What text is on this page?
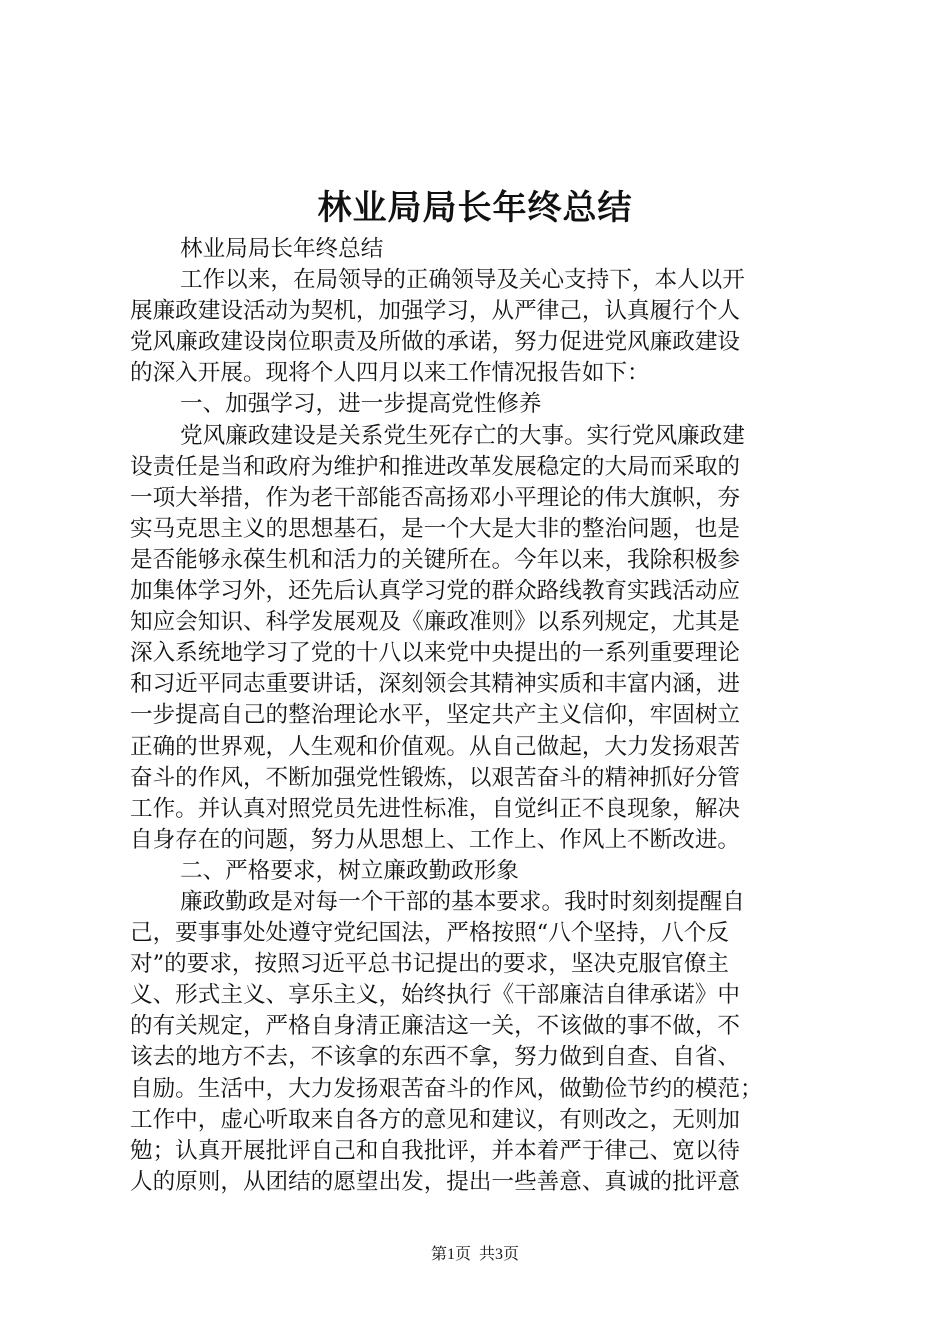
林业局局长年终总结
林业局局长年终总结
工作以来，在局领导的正确领导及关心支持下，本人以开
展廉政建设活动为契机，加强学习，从严律己，认真履行个人
党风廉政建设岗位职责及所做的承诺，努力促进党风廉政建设
的深入开展。现将个人四月以来工作情况报告如下：
一、加强学习，进一步提高党性修养
党风廉政建设是关系党生死存亡的大事。实行党风廉政建
设责任是当和政府为维护和推进改革发展稳定的大局而采取的
一项大举措，作为老干部能否高扬邓小平理论的伟大旗帜，夯
实马克思主义的思想基石，是一个大是大非的整治问题，也是
是否能够永葆生机和活力的关键所在。今年以来，我除积极参
加集体学习外，还先后认真学习党的群众路线教育实践活动应
知应会知识、科学发展观及《廉政准则》以系列规定，尤其是
深入系统地学习了党的十八以来党中央提出的一系列重要理论
和习近平同志重要讲话，深刻领会其精神实质和丰富内涵，进
一步提高自己的整治理论水平，坚定共产主义信仰，牢固树立
正确的世界观，人生观和价值观。从自己做起，大力发扬艰苦
奋斗的作风，不断加强党性锻炼，以艰苦奋斗的精神抓好分管
工作。并认真对照党员先进性标准，自觉纠正不良现象，解决
自身存在的问题，努力从思想上、工作上、作风上不断改进。
二、严格要求，树立廉政勤政形象
廉政勤政是对每一个干部的基本要求。我时时刻刻提醒自
己，要事事处处遵守党纪国法，严格按照“八个坚持，八个反
对”的要求，按照习近平总书记提出的要求，坚决克服官僚主
义、形式主义、享乐主义，始终执行《干部廉洁自律承诺》中
的有关规定，严格自身清正廉洁这一关，不该做的事不做，不
该去的地方不去，不该拿的东西不拿，努力做到自查、自省、
自励。生活中，大力发扬艰苦奋斗的作风，做勤俭节约的模范；
工作中，虚心听取来自各方的意见和建议，有则改之，无则加
勉；认真开展批评自己和自我批评，并本着严于律己、宽以待
人的原则，从团结的愿望出发，提出一些善意、真诚的批评意
第1页 共3页
